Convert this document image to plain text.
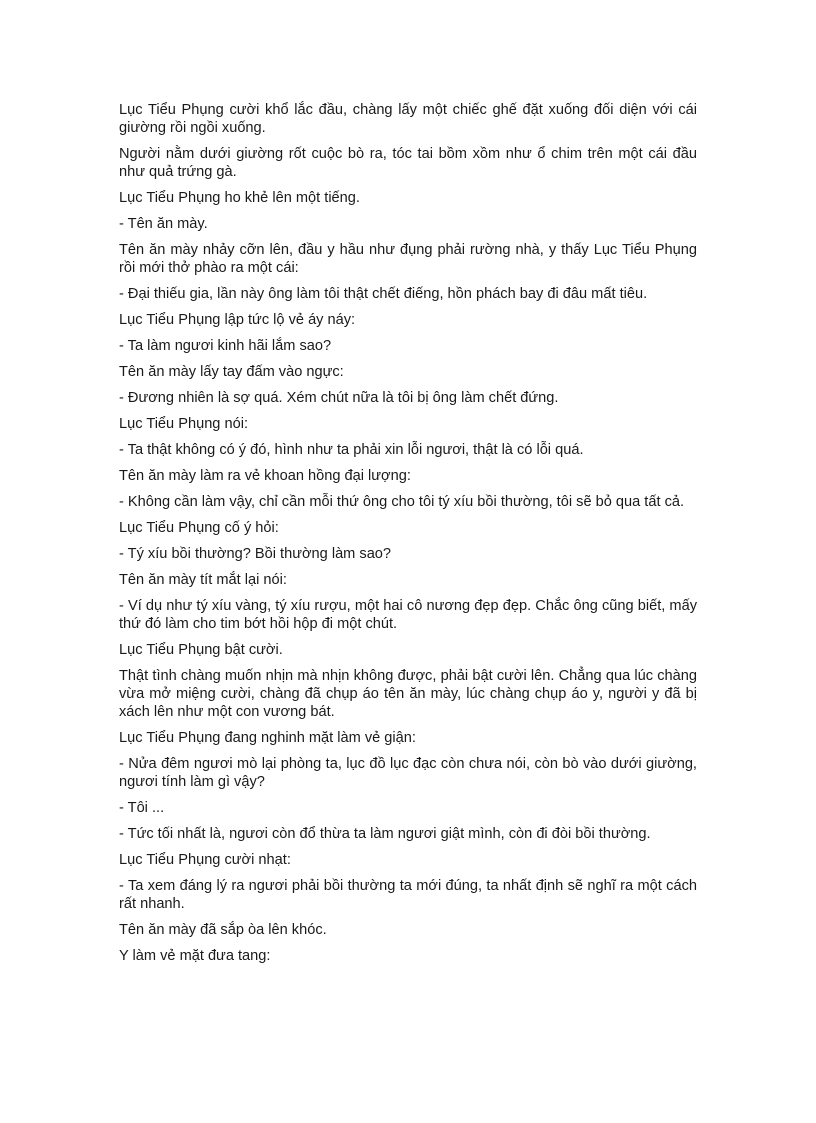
Lục Tiểu Phụng cười khổ lắc đầu, chàng lấy một chiếc ghế đặt xuống đối diện với cái giường rồi ngồi xuống.

Người nằm dưới giường rốt cuộc bò ra, tóc tai bồm xồm như ổ chim trên một cái đầu như quả trứng gà.

Lục Tiểu Phụng ho khẻ lên một tiếng.

- Tên ăn mày.

Tên ăn mày nhảy cỡn lên, đầu y hầu như đụng phải rường nhà, y thấy Lục Tiểu Phụng rồi mới thở phào ra một cái:

- Đại thiếu gia, lần này ông làm tôi thật chết điếng, hồn phách bay đi đâu mất tiêu.

Lục Tiểu Phụng lập tức lộ vẻ áy náy:

- Ta làm ngươi kinh hãi lắm sao?

Tên ăn mày lấy tay đấm vào ngực:

- Đương nhiên là sợ quá. Xém chút nữa là tôi bị ông làm chết đứng.

Lục Tiểu Phụng nói:

- Ta thật không có ý đó, hình như ta phải xin lỗi ngươi, thật là có lỗi quá.

Tên ăn mày làm ra vẻ khoan hồng đại lượng:

- Không cần làm vậy, chỉ cần mỗi thứ ông cho tôi tý xíu bồi thường, tôi sẽ bỏ qua tất cả.

Lục Tiểu Phụng cố ý hỏi:

- Tý xíu bồi thường? Bồi thường làm sao?

Tên ăn mày tít mắt lại nói:

- Ví dụ như tý xíu vàng, tý xíu rượu, một hai cô nương đẹp đẹp. Chắc ông cũng biết, mấy thứ đó làm cho tim bớt hồi hộp đi một chút.

Lục Tiểu Phụng bật cười.

Thật tình chàng muốn nhịn mà nhịn không được, phải bật cười lên. Chẳng qua lúc chàng vừa mở miệng cười, chàng đã chụp áo tên ăn mày, lúc chàng chụp áo y, người y đã bị xách lên như một con vương bát.

Lục Tiểu Phụng đang nghinh mặt làm vẻ giận:

- Nửa đêm ngươi mò lại phòng ta, lục đồ lục đạc còn chưa nói, còn bò vào dưới giường, ngươi tính làm gì vậy?

- Tôi ...

- Tức tối nhất là, ngươi còn đổ thừa ta làm ngươi giật mình, còn đi đòi bồi thường.

Lục Tiểu Phụng cười nhạt:

- Ta xem đáng lý ra ngươi phải bồi thường ta mới đúng, ta nhất định sẽ nghĩ ra một cách rất nhanh.

Tên ăn mày đã sắp òa lên khóc.

Y làm vẻ mặt đưa tang:
